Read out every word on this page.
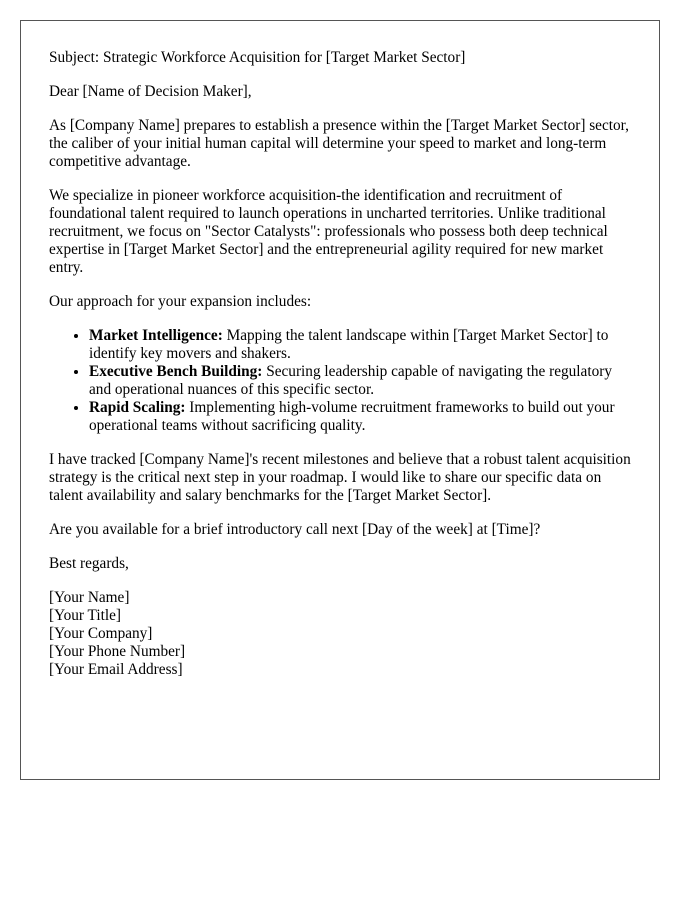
Subject: Strategic Workforce Acquisition for [Target Market Sector]

Dear [Name of Decision Maker],

As [Company Name] prepares to establish a presence within the [Target Market Sector] sector, the caliber of your initial human capital will determine your speed to market and long-term competitive advantage.

We specialize in pioneer workforce acquisition-the identification and recruitment of foundational talent required to launch operations in uncharted territories. Unlike traditional recruitment, we focus on "Sector Catalysts": professionals who possess both deep technical expertise in [Target Market Sector] and the entrepreneurial agility required for new market entry.

Our approach for your expansion includes:

• Market Intelligence: Mapping the talent landscape within [Target Market Sector] to identify key movers and shakers.
• Executive Bench Building: Securing leadership capable of navigating the regulatory and operational nuances of this specific sector.
• Rapid Scaling: Implementing high-volume recruitment frameworks to build out your operational teams without sacrificing quality.

I have tracked [Company Name]'s recent milestones and believe that a robust talent acquisition strategy is the critical next step in your roadmap. I would like to share our specific data on talent availability and salary benchmarks for the [Target Market Sector].

Are you available for a brief introductory call next [Day of the week] at [Time]?

Best regards,

[Your Name]
[Your Title]
[Your Company]
[Your Phone Number]
[Your Email Address]
